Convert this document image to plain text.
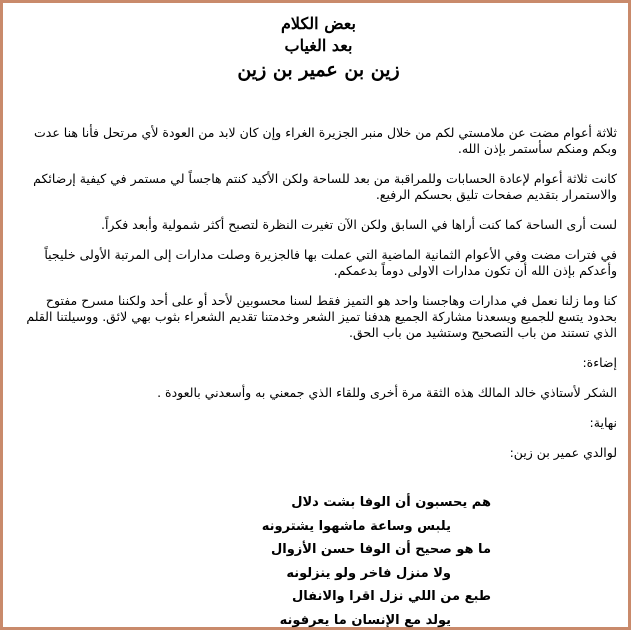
بعض الكلام
بعد الغياب
زين بن عمير بن زين

ثلاثة أعوام مضت عن ملامستي لكم من خلال منبر الجزيرة الغراء وإن كان لابد من العودة لأي مرتحل فأنا هنا عدت وبكم ومنكم سأستمر بإذن الله.

كانت ثلاثة أعوام لإعادة الحسابات وللمراقبة من بعد للساحة ولكن الأكيد كنتم هاجساً لي مستمر في كيفية إرضائكم والاستمرار بتقديم صفحات تليق بحسكم الرفيع.

لست أرى الساحة كما كنت أراها في السابق ولكن الآن تغيرت النظرة لتصبح أكثر شمولية وأبعد فكراً.

في فترات مضت وفي الأعوام الثمانية الماضية التي عملت بها فالجزيرة وصلت مدارات إلى المرتبة الأولى خليجياً وأعدكم بإذن الله أن تكون مدارات الاولى دوماً بدعمكم.

كنا وما زلنا نعمل في مدارات وهاجسنا واحد هو التميز فقط لسنا محسوبين لأحد أو على أحد ولكننا مسرح مفتوح بحدود يتسع للجميع ويسعدنا مشاركة الجميع هدفنا تميز الشعر وخدمتنا تقديم الشعراء بثوب بهي لائق. ووسيلتنا القلم الذي تستند من باب التصحيح وستشيد من باب الحق.

إضاءة:

الشكر لأستاذي خالد المالك هذه الثقة مرة أخرى وللقاء الذي جمعني به وأسعدني بالعودة .

نهاية:

لوالدي عمير بن زين:

هم يحسبون أن الوفا بشت دلال
يلبس وساعة ماشهوا يشترونه
ما هو صحيح أن الوفا حسن الأزوال
ولا منزل فاخر ولو ينزلونه
طبع من اللي نزل اقرا والانفال
يولد مع الإنسان ما يعرفونه
